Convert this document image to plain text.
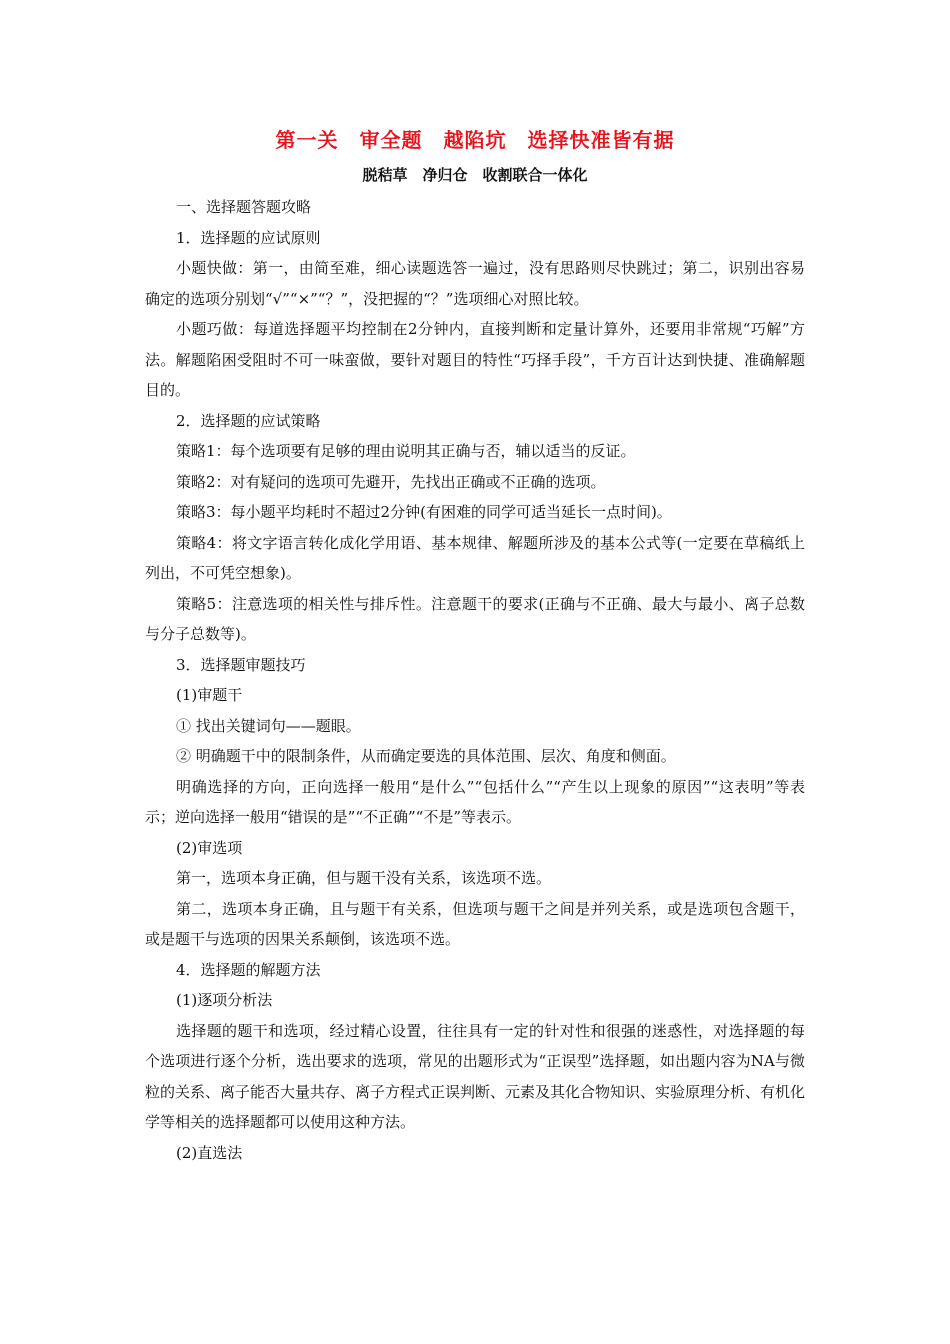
第一关　审全题　越陷坑　选择快准皆有据
脱秸草　净归仓　收割联合一体化

一、选择题答题攻略

1．选择题的应试原则

小题快做：第一，由简至难，细心读题选答一遍过，没有思路则尽快跳过；第二，识别出容易确定的选项分别划“√”“×”“？”，没把握的“？”选项细心对照比较。

小题巧做：每道选择题平均控制在2分钟内，直接判断和定量计算外，还要用非常规“巧解”方法。解题陷困受阻时不可一味蛮做，要针对题目的特性“巧择手段”，千方百计达到快捷、准确解题目的。

2．选择题的应试策略

策略1：每个选项要有足够的理由说明其正确与否，辅以适当的反证。

策略2：对有疑问的选项可先避开，先找出正确或不正确的选项。

策略3：每小题平均耗时不超过2分钟(有困难的同学可适当延长一点时间)。

策略4：将文字语言转化成化学用语、基本规律、解题所涉及的基本公式等(一定要在草稿纸上列出，不可凭空想象)。

策略5：注意选项的相关性与排斥性。注意题干的要求(正确与不正确、最大与最小、离子总数与分子总数等)。

3．选择题审题技巧

(1)审题干

① 找出关键词句——题眼。

② 明确题干中的限制条件，从而确定要选的具体范围、层次、角度和侧面。

明确选择的方向，正向选择一般用“是什么”“包括什么”“产生以上现象的原因”“这表明”等表示；逆向选择一般用“错误的是”“不正确”“不是”等表示。

(2)审选项

第一，选项本身正确，但与题干没有关系，该选项不选。

第二，选项本身正确，且与题干有关系，但选项与题干之间是并列关系，或是选项包含题干，或是题干与选项的因果关系颠倒，该选项不选。

4．选择题的解题方法

(1)逐项分析法

选择题的题干和选项，经过精心设置，往往具有一定的针对性和很强的迷惑性，对选择题的每个选项进行逐个分析，选出要求的选项，常见的出题形式为“正误型”选择题，如出题内容为NA与微粒的关系、离子能否大量共存、离子方程式正误判断、元素及其化合物知识、实验原理分析、有机化学等相关的选择题都可以使用这种方法。

(2)直选法
